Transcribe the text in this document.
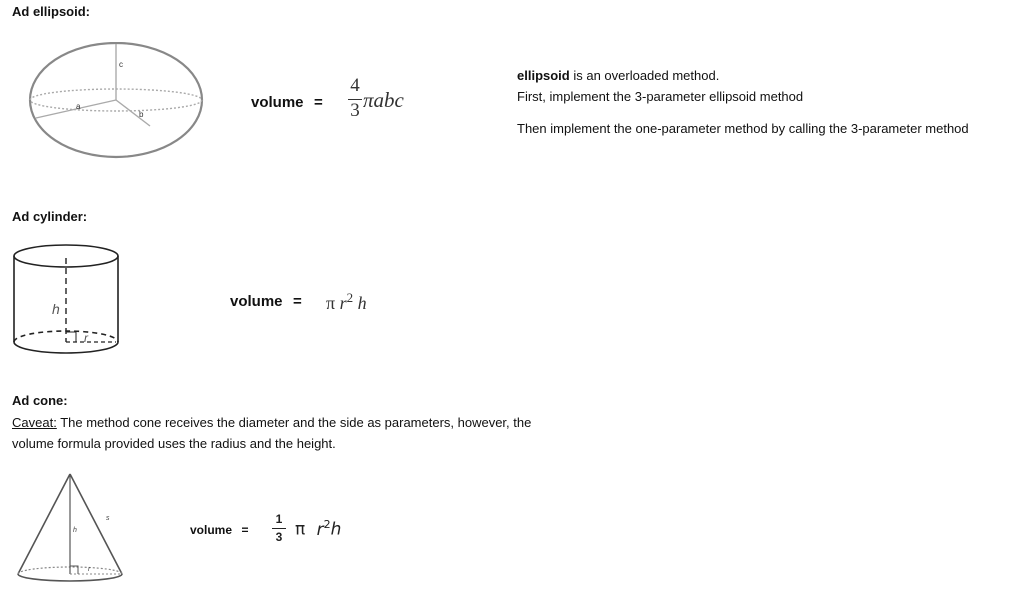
Ad ellipsoid:
c
a
b
volume =
4
3 πabc
ellipsoid is an overloaded method.
First, implement the 3-parameter ellipsoid method
Then implement the one-parameter method by calling the 3-parameter method
Ad cylinder:
h
r
volume = π $r^2$ h
Ad cone:
Caveat: The method cone receives the diameter and the side as parameters, however, the
volume formula provided uses the radius and the height.
h
s
r
volume =
1
3 π $r^2h$
